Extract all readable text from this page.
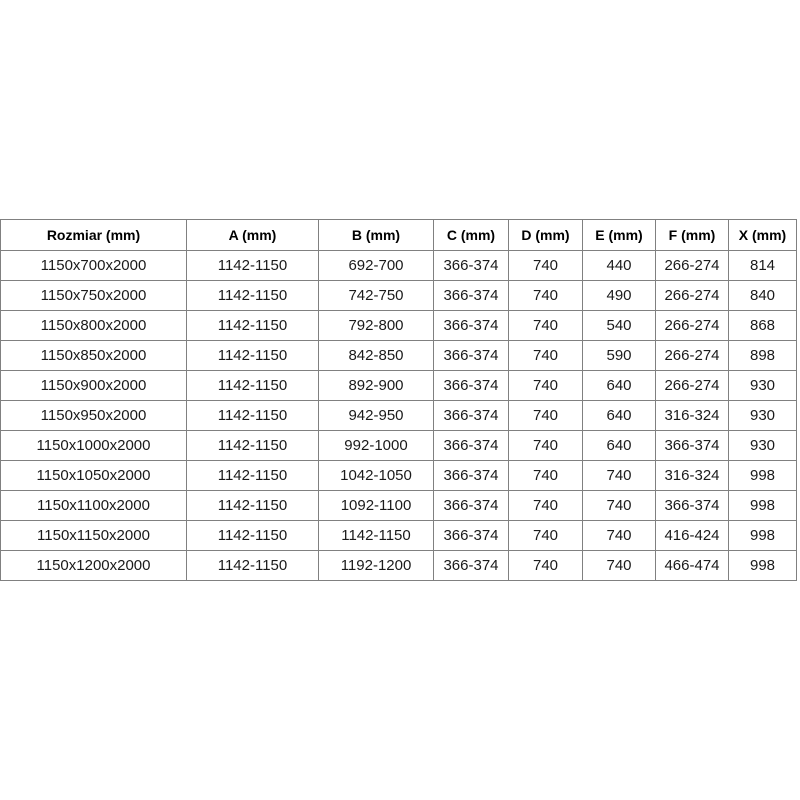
Rozmiar (mm)	A (mm)	B (mm)	C (mm)	D (mm)	E (mm)	F (mm)	X (mm)
1150x700x2000	1142-1150	692-700	366-374	740	440	266-274	814
1150x750x2000	1142-1150	742-750	366-374	740	490	266-274	840
1150x800x2000	1142-1150	792-800	366-374	740	540	266-274	868
1150x850x2000	1142-1150	842-850	366-374	740	590	266-274	898
1150x900x2000	1142-1150	892-900	366-374	740	640	266-274	930
1150x950x2000	1142-1150	942-950	366-374	740	640	316-324	930
1150x1000x2000	1142-1150	992-1000	366-374	740	640	366-374	930
1150x1050x2000	1142-1150	1042-1050	366-374	740	740	316-324	998
1150x1100x2000	1142-1150	1092-1100	366-374	740	740	366-374	998
1150x1150x2000	1142-1150	1142-1150	366-374	740	740	416-424	998
1150x1200x2000	1142-1150	1192-1200	366-374	740	740	466-474	998
